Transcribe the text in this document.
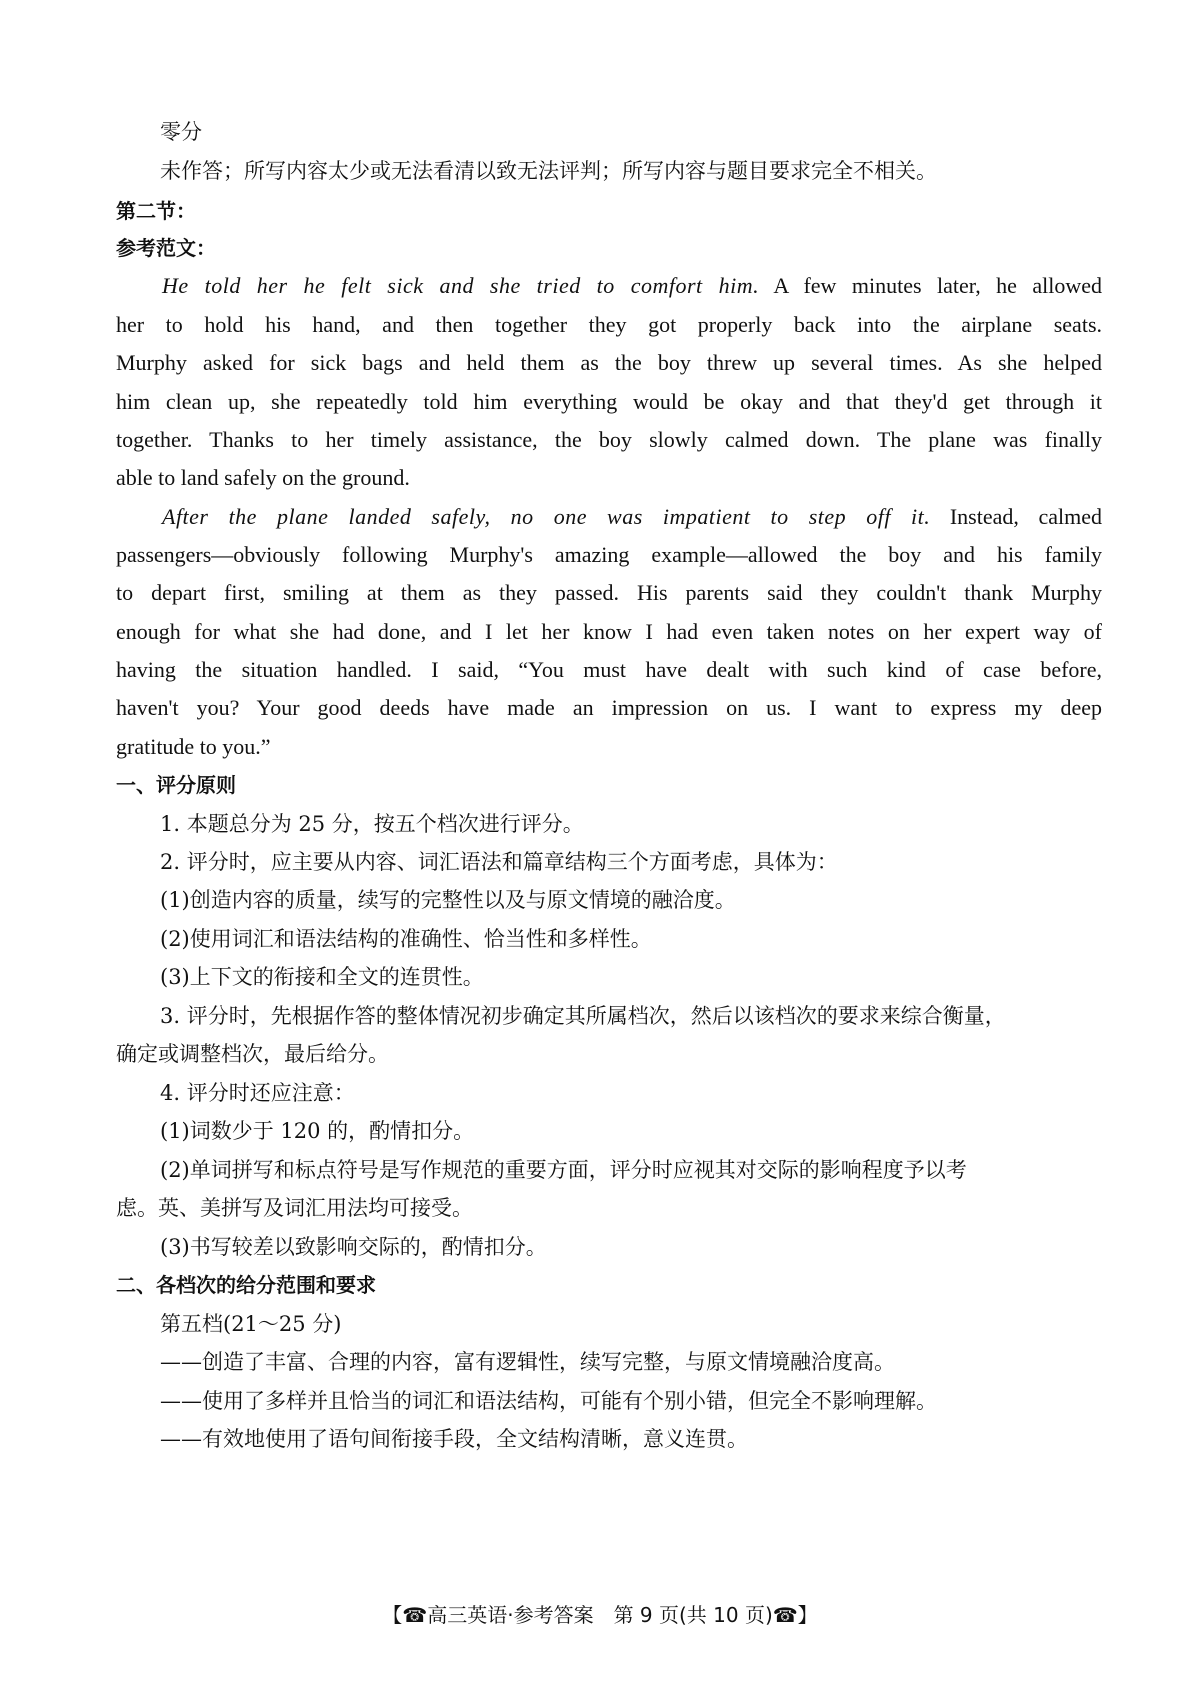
零分
未作答；所写内容太少或无法看清以致无法评判；所写内容与题目要求完全不相关。
第二节：
参考范文：
He told her he felt sick and she tried to comfort him. A few minutes later, he allowed
her to hold his hand, and then together they got properly back into the airplane seats.
Murphy asked for sick bags and held them as the boy threw up several times. As she helped
him clean up, she repeatedly told him everything would be okay and that they'd get through it
together. Thanks to her timely assistance, the boy slowly calmed down. The plane was finally
able to land safely on the ground.
After the plane landed safely, no one was impatient to step off it. Instead, calmed
passengers—obviously following Murphy's amazing example—allowed the boy and his family
to depart first, smiling at them as they passed. His parents said they couldn't thank Murphy
enough for what she had done, and I let her know I had even taken notes on her expert way of
having the situation handled. I said, “You must have dealt with such kind of case before,
haven't you? Your good deeds have made an impression on us. I want to express my deep
gratitude to you.”
一、评分原则
1. 本题总分为 25 分，按五个档次进行评分。
2. 评分时，应主要从内容、词汇语法和篇章结构三个方面考虑，具体为：
(1)创造内容的质量，续写的完整性以及与原文情境的融洽度。
(2)使用词汇和语法结构的准确性、恰当性和多样性。
(3)上下文的衔接和全文的连贯性。
3. 评分时，先根据作答的整体情况初步确定其所属档次，然后以该档次的要求来综合衡量，
确定或调整档次，最后给分。
4. 评分时还应注意：
(1)词数少于 120 的，酌情扣分。
(2)单词拼写和标点符号是写作规范的重要方面，评分时应视其对交际的影响程度予以考
虑。英、美拼写及词汇用法均可接受。
(3)书写较差以致影响交际的，酌情扣分。
二、各档次的给分范围和要求
第五档(21～25 分)
——创造了丰富、合理的内容，富有逻辑性，续写完整，与原文情境融洽度高。
——使用了多样并且恰当的词汇和语法结构，可能有个别小错，但完全不影响理解。
——有效地使用了语句间衔接手段，全文结构清晰，意义连贯。
【☎高三英语·参考答案　第 9 页(共 10 页)☎】
